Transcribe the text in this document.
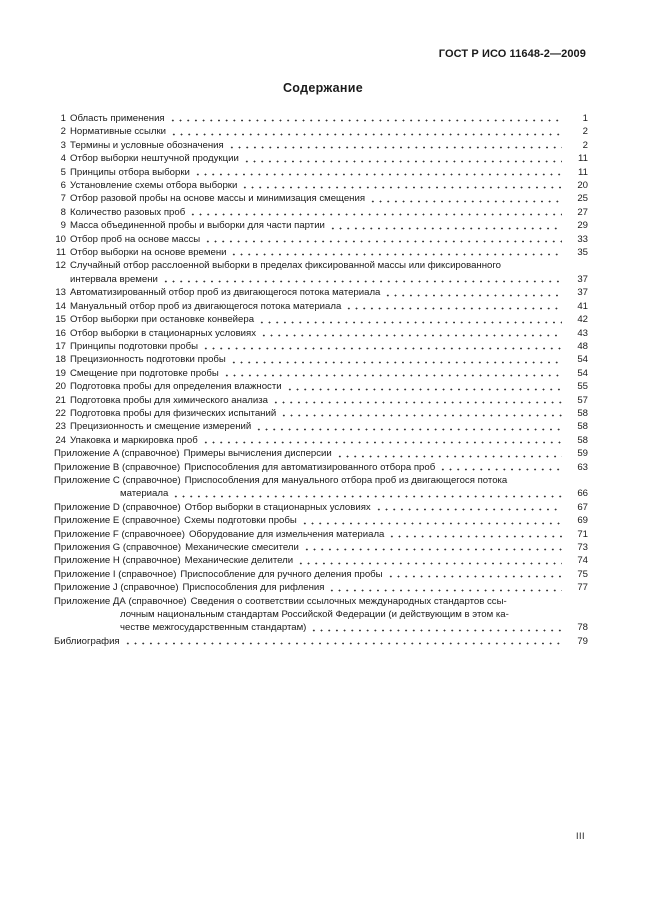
ГОСТ Р ИСО 11648-2—2009
Содержание
1 Область применения	1
2 Нормативные ссылки	2
3 Термины и условные обозначения	2
4 Отбор выборки нештучной продукции	11
5 Принципы отбора выборки	11
6 Установление схемы отбора выборки	20
7 Отбор разовой пробы на основе массы и минимизация смещения	25
8 Количество разовых проб	27
9 Масса объединенной пробы и выборки для части партии	29
10 Отбор проб на основе массы	33
11 Отбор выборки на основе времени	35
12 Случайный отбор расслоенной выборки в пределах фиксированной массы или фиксированного
интервала времени	37
13 Автоматизированный отбор проб из двигающегося потока материала	37
14 Мануальный отбор проб из двигающегося потока материала	41
15 Отбор выборки при остановке конвейера	42
16 Отбор выборки в стационарных условиях	43
17 Принципы подготовки пробы	48
18 Прецизионность подготовки пробы	54
19 Смещение при подготовке пробы	54
20 Подготовка пробы для определения влажности	55
21 Подготовка пробы для химического анализа	57
22 Подготовка пробы для физических испытаний	58
23 Прецизионность и смещение измерений	58
24 Упаковка и маркировка проб	58
Приложение A (справочное) Примеры вычисления дисперсии	59
Приложение B (справочное) Приспособления для автоматизированного отбора проб	63
Приложение C (справочное) Приспособления для мануального отбора проб из двигающегося потока
материала	66
Приложение D (справочное) Отбор выборки в стационарных условиях	67
Приложение E (справочное) Схемы подготовки пробы	69
Приложение F (справочноее) Оборудование для измельчения материала	71
Приложения G (справочное) Механические смесители	73
Приложение H (справочное) Механические делители	74
Приложение I (справочное) Приспособление для ручного деления пробы	75
Приложение J (справочное) Приспособления для рифления	77
Приложение ДА (справочное) Сведения о соответствии ссылочных международных стандартов ссы-
лочным национальным стандартам Российской Федерации (и действующим в этом ка-
честве межгосударственным стандартам)	78
Библиография	79
III
